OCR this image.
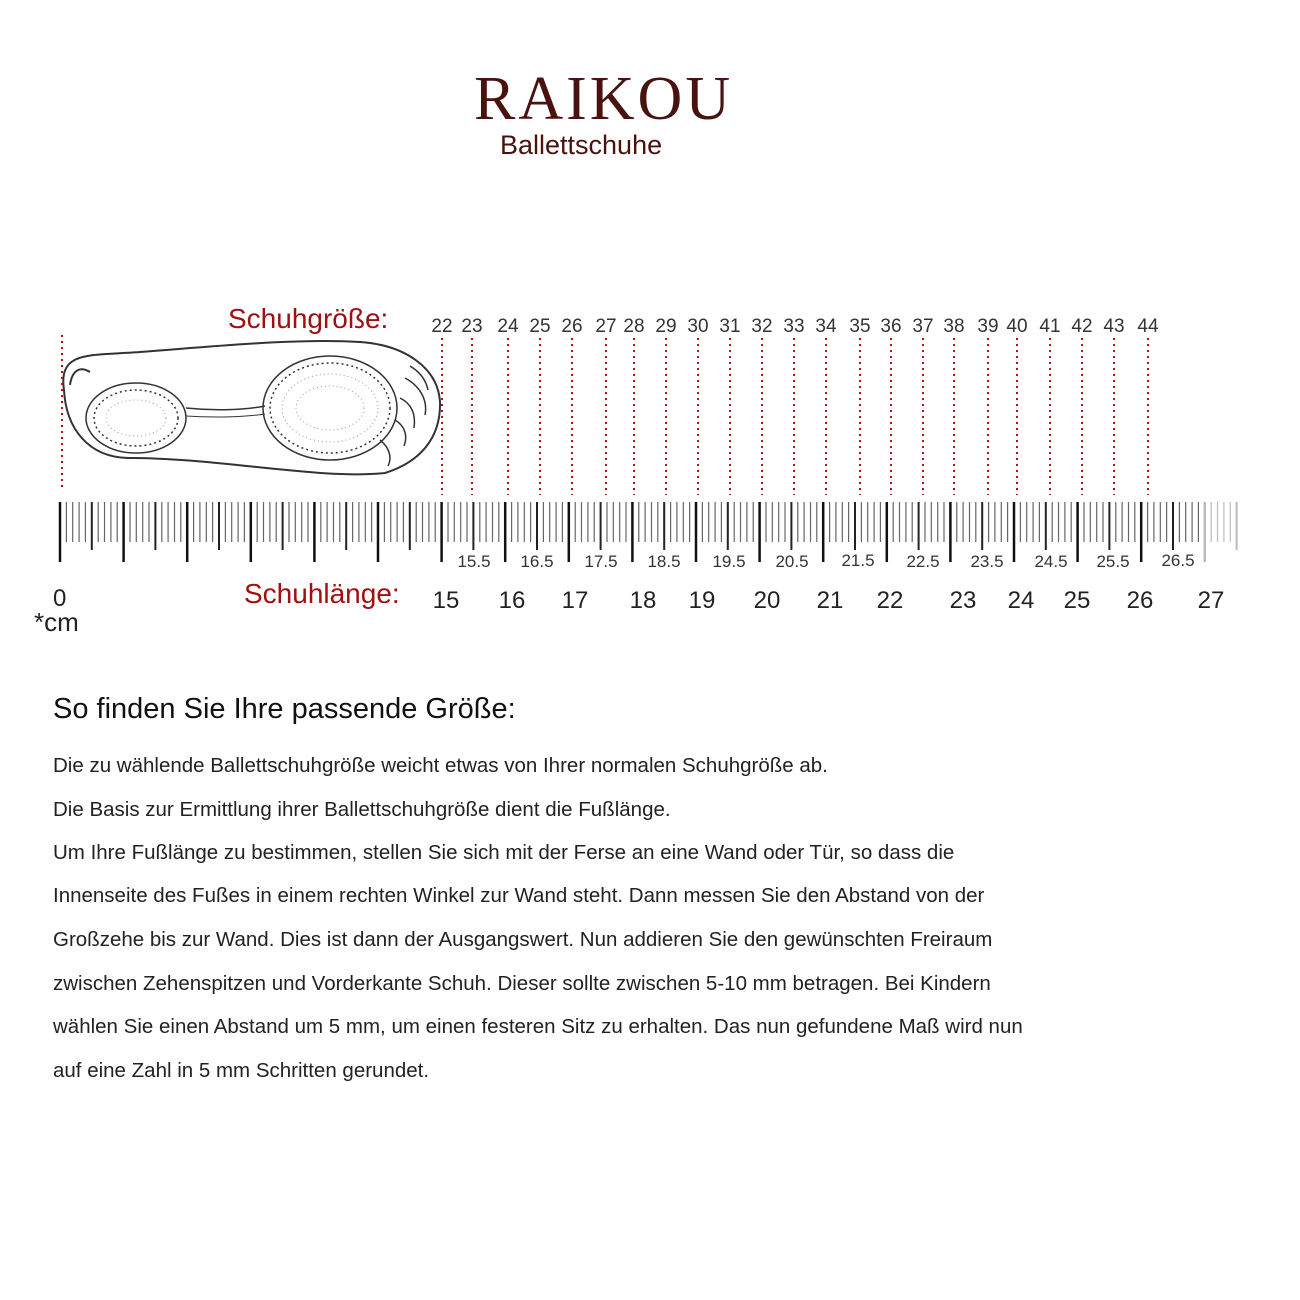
RAIKOU
Ballettschuhe
Schuhgröße:
Schuhlänge:
0
*cm
22 23 24 25 26 27 28 29 30 31 32 33 34 35 36 37 38 39 40 41 42 43 44
15.5 16.5 17.5 18.5 19.5 20.5 21.5 22.5 23.5 24.5 25.5 26.5
15 16 17 18 19 20 21 22 23 24 25 26 27
So finden Sie Ihre passende Größe:
Die zu wählende Ballettschuhgröße weicht etwas von Ihrer normalen Schuhgröße ab.
Die Basis zur Ermittlung ihrer Ballettschuhgröße dient die Fußlänge.
Um Ihre Fußlänge zu bestimmen, stellen Sie sich mit der Ferse an eine Wand oder Tür, so dass die
Innenseite des Fußes in einem rechten Winkel zur Wand steht. Dann messen Sie den Abstand von der
Großzehe bis zur Wand. Dies ist dann der Ausgangswert. Nun addieren Sie den gewünschten Freiraum
zwischen Zehenspitzen und Vorderkante Schuh. Dieser sollte zwischen 5-10 mm betragen. Bei Kindern
wählen Sie einen Abstand um 5 mm, um einen festeren Sitz zu erhalten. Das nun gefundene Maß wird nun
auf eine Zahl in 5 mm Schritten gerundet.
